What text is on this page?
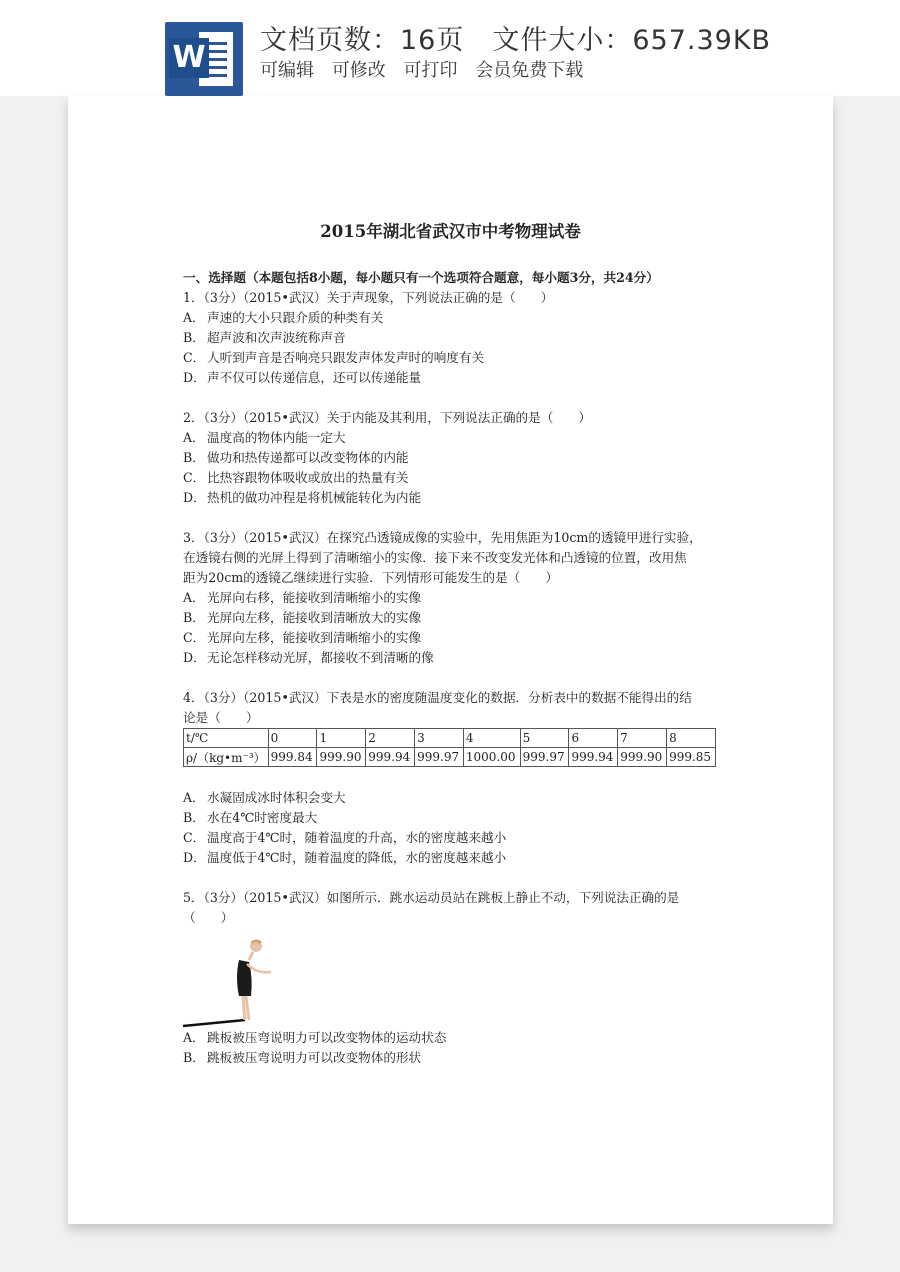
W 文档页数：16页 文件大小：657.39KB
可编辑 可修改 可打印 会员免费下载
2015年湖北省武汉市中考物理试卷
一、选择题（本题包括8小题，每小题只有一个选项符合题意，每小题3分，共24分）
1．（3分）（2015•武汉）关于声现象，下列说法正确的是（　　）
A． 声速的大小只跟介质的种类有关
B． 超声波和次声波统称声音
C． 人听到声音是否响亮只跟发声体发声时的响度有关
D．声不仅可以传递信息，还可以传递能量
2．（3分）（2015•武汉）关于内能及其利用，下列说法正确的是（　　）
A． 温度高的物体内能一定大
B． 做功和热传递都可以改变物体的内能
C． 比热容跟物体吸收或放出的热量有关
D．热机的做功冲程是将机械能转化为内能
3．（3分）（2015•武汉）在探究凸透镜成像的实验中，先用焦距为10cm的透镜甲进行实验，
在透镜右侧的光屏上得到了清晰缩小的实像．接下来不改变发光体和凸透镜的位置，改用焦
距为20cm的透镜乙继续进行实验．下列情形可能发生的是（　　）
A． 光屏向右移，能接收到清晰缩小的实像
B． 光屏向左移，能接收到清晰放大的实像
C． 光屏向左移，能接收到清晰缩小的实像
D．无论怎样移动光屏，都接收不到清晰的像
4．（3分）（2015•武汉）下表是水的密度随温度变化的数据．分析表中的数据不能得出的结
论是（　　）
t/℃	0	1	2	3	4	5	6	7	8
ρ/（kg•m⁻³）	999.84	999.90	999.94	999.97	1000.00	999.97	999.94	999.90	999.85
A． 水凝固成冰时体积会变大
B． 水在4℃时密度最大
C． 温度高于4℃时，随着温度的升高，水的密度越来越小
D．温度低于4℃时，随着温度的降低，水的密度越来越小
5．（3分）（2015•武汉）如图所示．跳水运动员站在跳板上静止不动，下列说法正确的是
（　　）
A． 跳板被压弯说明力可以改变物体的运动状态
B． 跳板被压弯说明力可以改变物体的形状
